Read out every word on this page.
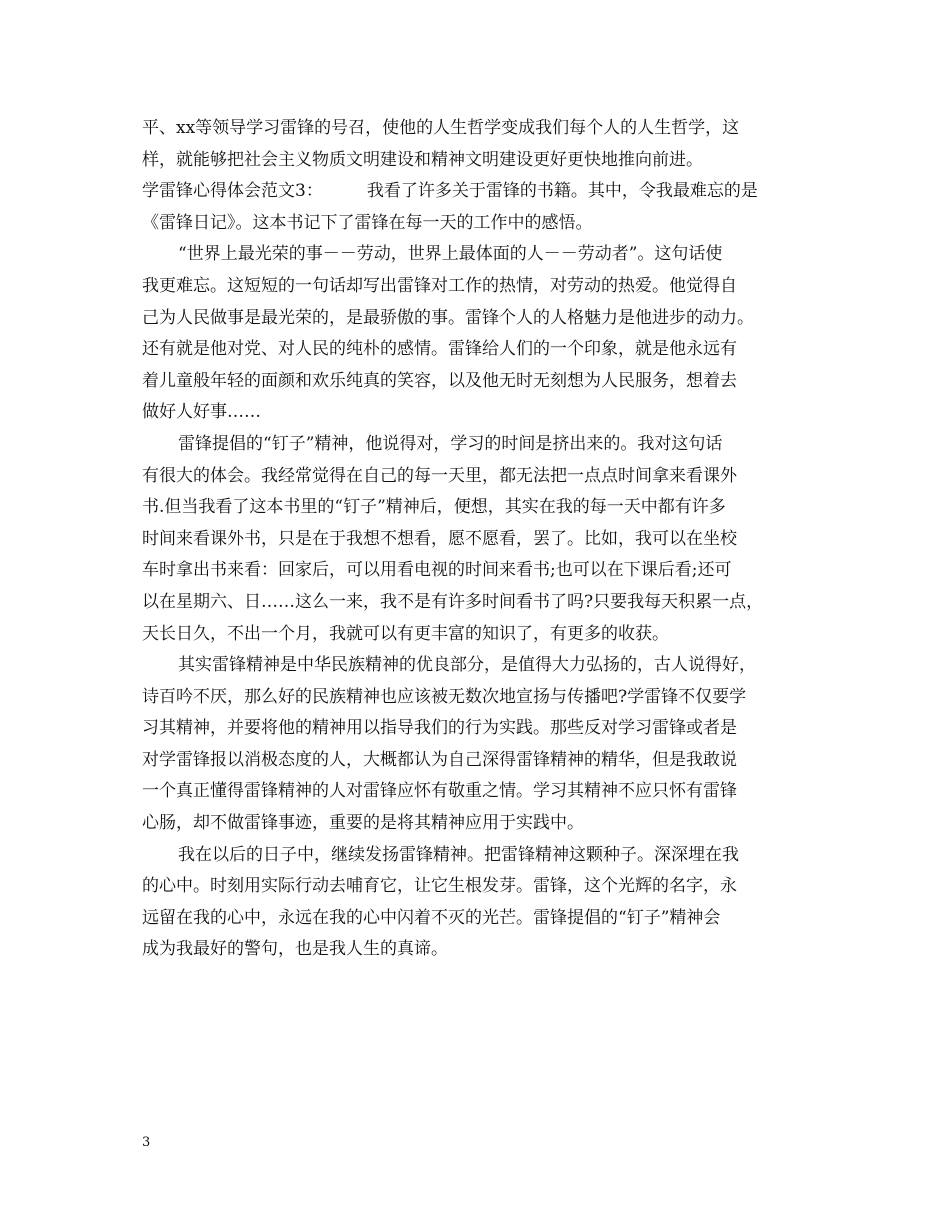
平、xx等领导学习雷锋的号召，使他的人生哲学变成我们每个人的人生哲学，这
样，就能够把社会主义物质文明建设和精神文明建设更好更快地推向前进。
学雷锋心得体会范文3：	我看了许多关于雷锋的书籍。其中，令我最难忘的是
《雷锋日记》。这本书记下了雷锋在每一天的工作中的感悟。
“世界上最光荣的事－－劳动，世界上最体面的人－－劳动者”。这句话使
我更难忘。这短短的一句话却写出雷锋对工作的热情，对劳动的热爱。他觉得自
己为人民做事是最光荣的，是最骄傲的事。雷锋个人的人格魅力是他进步的动力。
还有就是他对党、对人民的纯朴的感情。雷锋给人们的一个印象，就是他永远有
着儿童般年轻的面颜和欢乐纯真的笑容，以及他无时无刻想为人民服务，想着去
做好人好事……
雷锋提倡的“钉子”精神，他说得对，学习的时间是挤出来的。我对这句话
有很大的体会。我经常觉得在自己的每一天里，都无法把一点点时间拿来看课外
书.但当我看了这本书里的“钉子”精神后，便想，其实在我的每一天中都有许多
时间来看课外书，只是在于我想不想看，愿不愿看，罢了。比如，我可以在坐校
车时拿出书来看：回家后，可以用看电视的时间来看书;也可以在下课后看;还可
以在星期六、日……这么一来，我不是有许多时间看书了吗?只要我每天积累一点，
天长日久，不出一个月，我就可以有更丰富的知识了，有更多的收获。
其实雷锋精神是中华民族精神的优良部分，是值得大力弘扬的，古人说得好，
诗百吟不厌，那么好的民族精神也应该被无数次地宣扬与传播吧?学雷锋不仅要学
习其精神，并要将他的精神用以指导我们的行为实践。那些反对学习雷锋或者是
对学雷锋报以消极态度的人，大概都认为自己深得雷锋精神的精华，但是我敢说
一个真正懂得雷锋精神的人对雷锋应怀有敬重之情。学习其精神不应只怀有雷锋
心肠，却不做雷锋事迹，重要的是将其精神应用于实践中。
我在以后的日子中，继续发扬雷锋精神。把雷锋精神这颗种子。深深埋在我
的心中。时刻用实际行动去哺育它，让它生根发芽。雷锋，这个光辉的名字，永
远留在我的心中，永远在我的心中闪着不灭的光芒。雷锋提倡的“钉子”精神会
成为我最好的警句，也是我人生的真谛。
3
